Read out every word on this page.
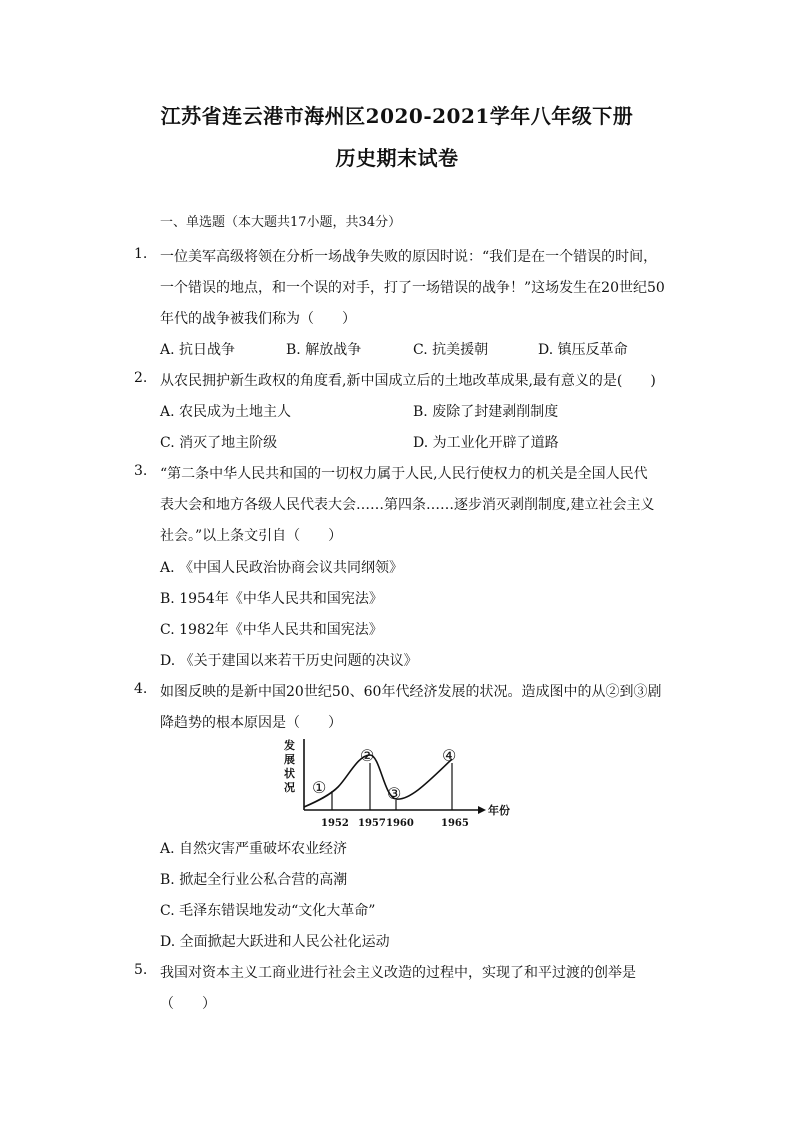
江苏省连云港市海州区2020-2021学年八年级下册
历史期末试卷
一、单选题（本大题共17小题，共34分）
1. 一位美军高级将领在分析一场战争失败的原因时说：“我们是在一个错误的时间，
一个错误的地点，和一个误的对手，打了一场错误的战争！”这场发生在20世纪50
年代的战争被我们称为（　　）
A. 抗日战争	B. 解放战争	C. 抗美援朝	D. 镇压反革命
2. 从农民拥护新生政权的角度看,新中国成立后的土地改革成果,最有意义的是(　　)
A. 农民成为土地主人	B. 废除了封建剥削制度
C. 消灭了地主阶级	D. 为工业化开辟了道路
3. “第二条中华人民共和国的一切权力属于人民,人民行使权力的机关是全国人民代
表大会和地方各级人民代表大会……第四条……逐步消灭剥削制度,建立社会主义
社会。”以上条文引自（　　）
A. 《中国人民政治协商会议共同纲领》
B. 1954年《中华人民共和国宪法》
C. 1982年《中华人民共和国宪法》
D. 《关于建国以来若干历史问题的决议》
4. 如图反映的是新中国20世纪50、60年代经济发展的状况。造成图中的从②到③剧
降趋势的根本原因是（　　）
发
展
状
况
年份
①
②
③
④
1952 1957 1960	1965
A. 自然灾害严重破坏农业经济
B. 掀起全行业公私合营的高潮
C. 毛泽东错误地发动“文化大革命”
D. 全面掀起大跃进和人民公社化运动
5. 我国对资本主义工商业进行社会主义改造的过程中，实现了和平过渡的创举是
（　　）
